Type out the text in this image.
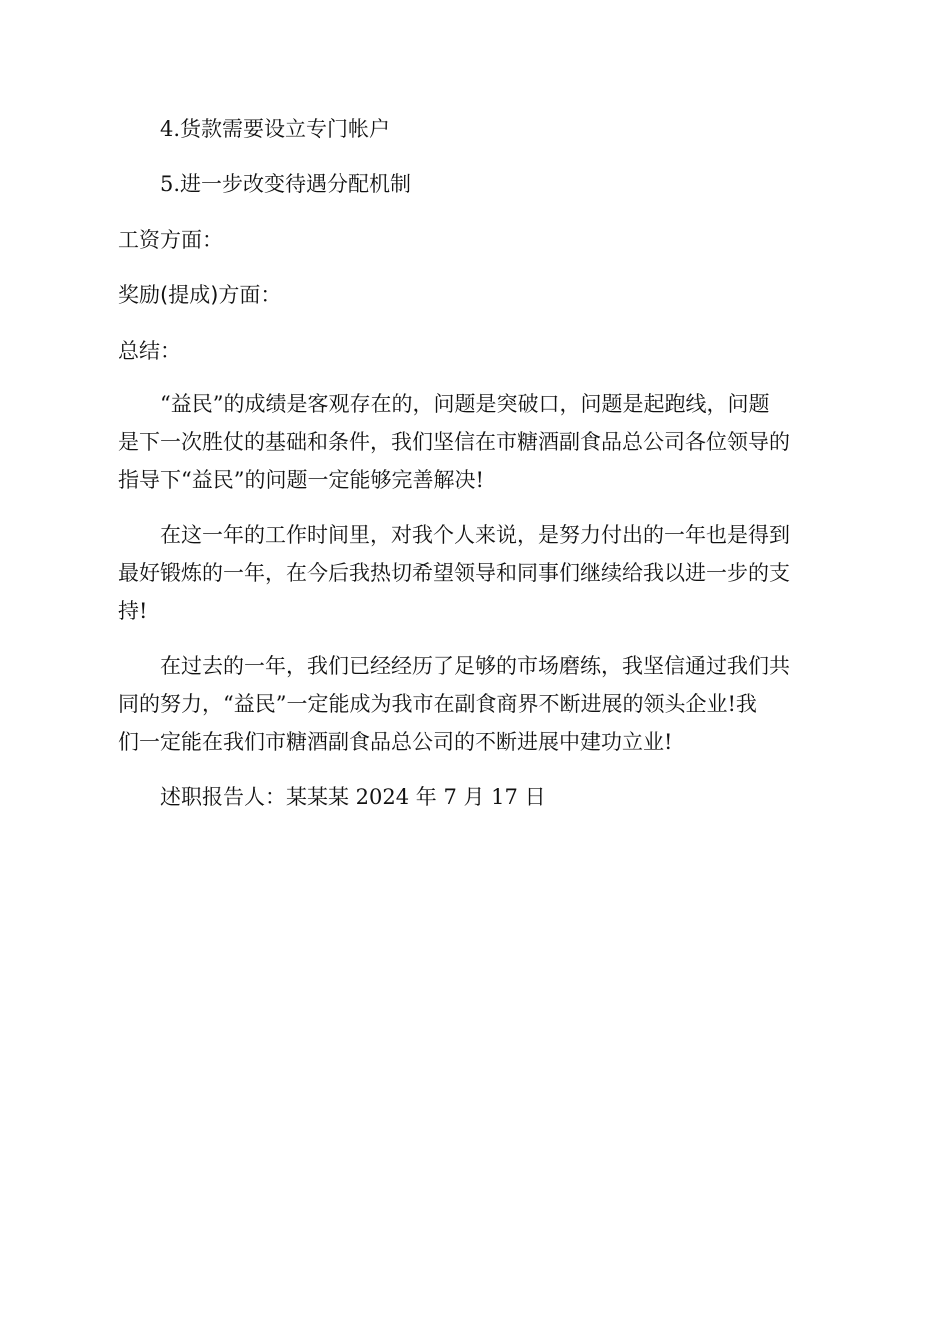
4.货款需要设立专门帐户
5.进一步改变待遇分配机制
工资方面：
奖励(提成)方面：
总结：
“益民”的成绩是客观存在的，问题是突破口，问题是起跑线，问题
是下一次胜仗的基础和条件，我们坚信在市糖酒副食品总公司各位领导的
指导下“益民”的问题一定能够完善解决!
在这一年的工作时间里，对我个人来说，是努力付出的一年也是得到
最好锻炼的一年，在今后我热切希望领导和同事们继续给我以进一步的支
持!
在过去的一年，我们已经经历了足够的市场磨练，我坚信通过我们共
同的努力，“益民”一定能成为我市在副食商界不断进展的领头企业!我
们一定能在我们市糖酒副食品总公司的不断进展中建功立业!
述职报告人：某某某 2024 年 7 月 17 日
